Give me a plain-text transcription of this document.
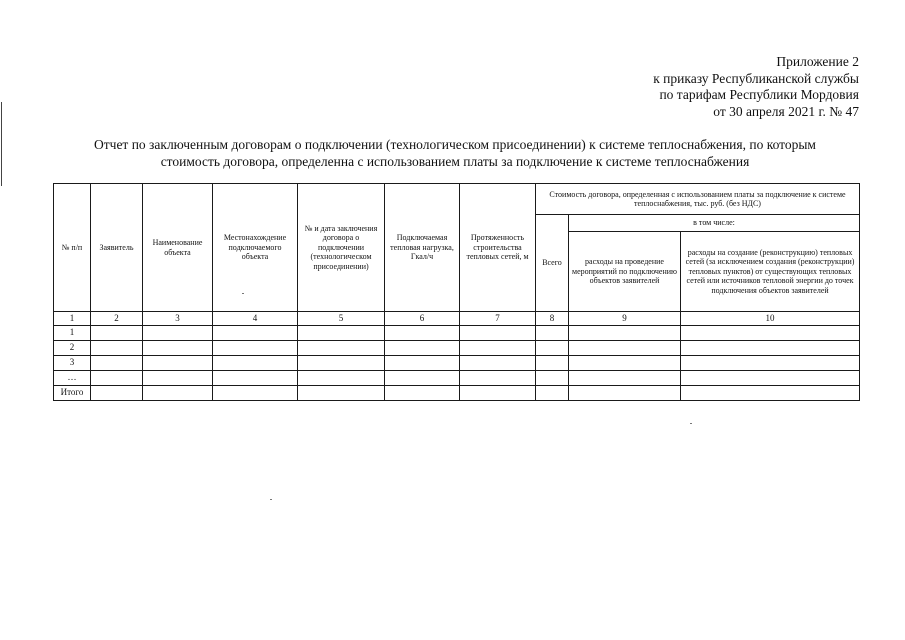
Приложение 2
к приказу Республиканской службы
по тарифам Республики Мордовия
от 30 апреля 2021 г. № 47
Отчет по заключенным договорам о подключении (технологическом присоединении) к системе теплоснабжения, по которым
стоимость договора, определенна с использованием платы за подключение к системе теплоснабжения
№ п/п	Заявитель	Наименование объекта	Местонахождение подключаемого объекта	№ и дата заключения договора о подключении (технологическом присоединении)	Подключаемая тепловая нагрузка, Гкал/ч	Протяженность строительства тепловых сетей, м	Стоимость договора, определенная с использованием платы за подключение к системе теплоснабжения, тыс. руб. (без НДС)		
							Всего	в том числе:	
								расходы на проведение мероприятий по подключению объектов заявителей	расходы на создание (реконструкцию) тепловых сетей (за исключением создания (реконструкции) тепловых пунктов) от существующих тепловых сетей или источников тепловой энергии до точек подключения объектов заявителей
1	2	3	4	5	6	7	8	9	10
1									
2									
3									
…									
Итого									
